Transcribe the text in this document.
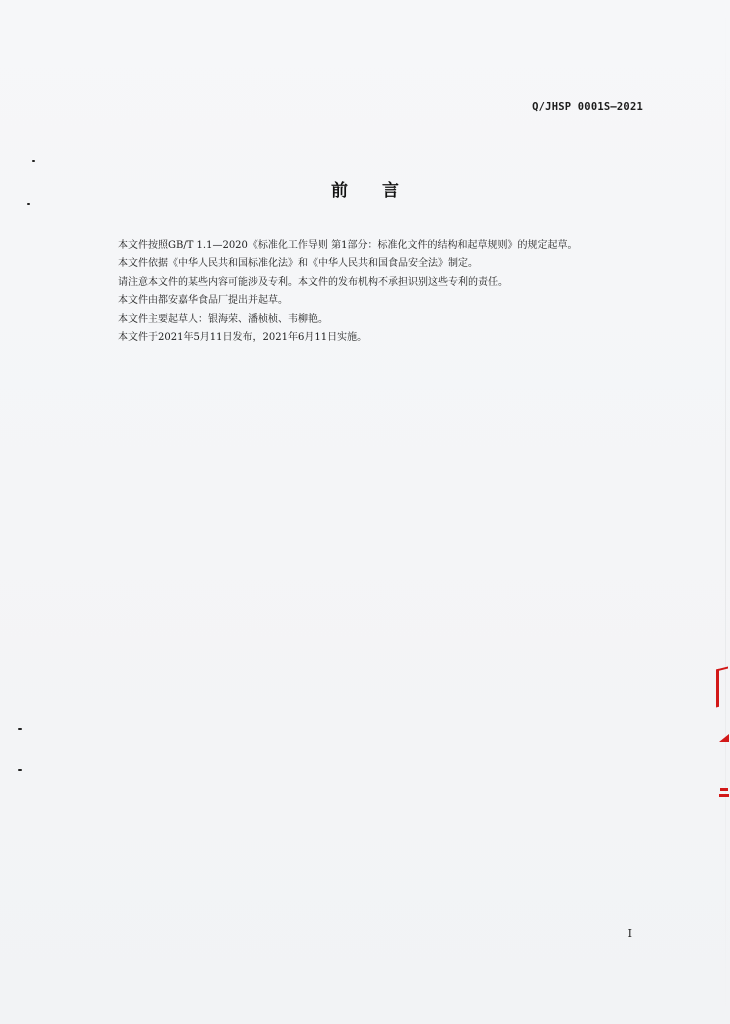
Q/JHSP 0001S—2021
前 言

本文件按照GB/T 1.1—2020《标准化工作导则 第1部分：标准化文件的结构和起草规则》的规定起草。

本文件依据《中华人民共和国标准化法》和《中华人民共和国食品安全法》制定。

请注意本文件的某些内容可能涉及专利。本文件的发布机构不承担识别这些专利的责任。

本文件由都安嘉华食品厂提出并起草。

本文件主要起草人：银海荣、潘桢桢、韦柳艳。

本文件于2021年5月11日发布，2021年6月11日实施。

I
